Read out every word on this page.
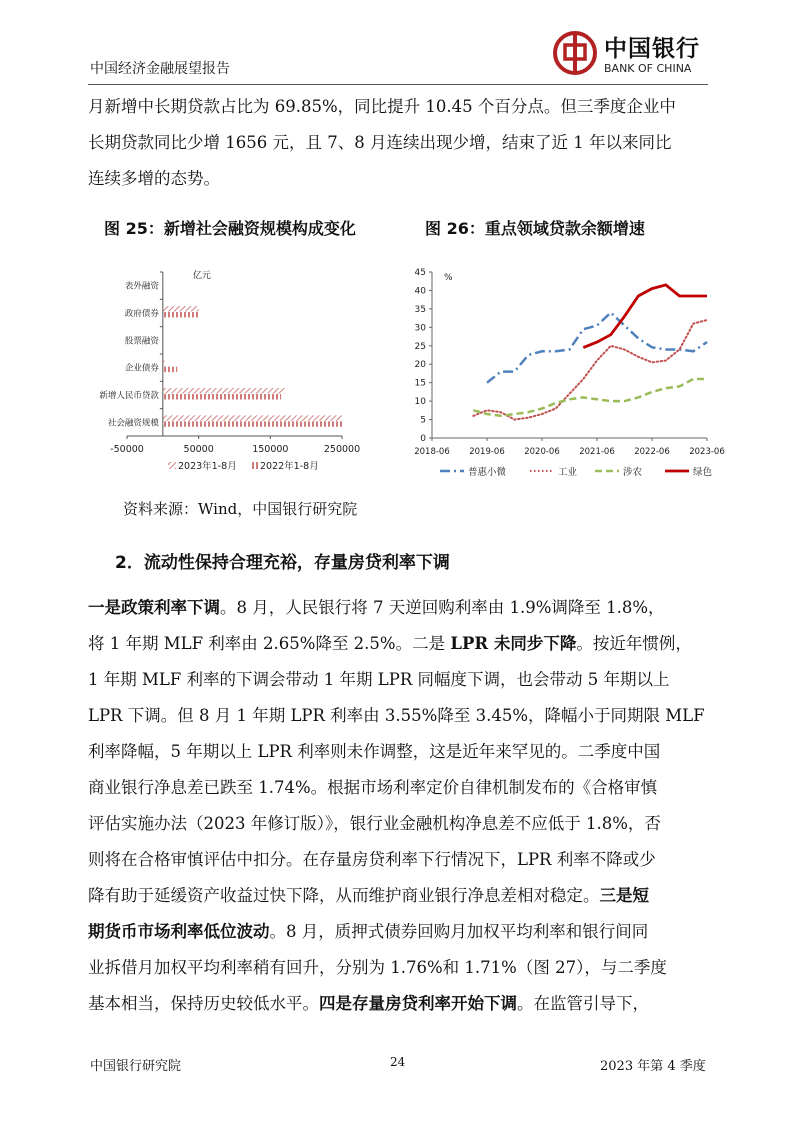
中国经济金融展望报告
中国银行
BANK OF CHINA

月新增中长期贷款占比为 69.85%，同比提升 10.45 个百分点。但三季度企业中

长期贷款同比少增 1656 元，且 7、8 月连续出现少增，结束了近 1 年以来同比

连续多增的态势。

图 25：新增社会融资规模构成变化	图 26：重点领域贷款余额增速
亿元
表外融资
政府债券
股票融资
企业债券
新增人民币贷款
社会融资规模
-50000	50000	150000	250000
2023年1-8月 2022年1-8月
%
0
5
10
15
20
25
30
35
40
45
2018-06 2019-06 2020-06 2021-06 2022-06 2023-06
普惠小微	工业	涉农	绿色
资料来源：Wind，中国银行研究院
2．流动性保持合理充裕，存量房贷利率下调

一是政策利率下调。8 月，人民银行将 7 天逆回购利率由 1.9%调降至 1.8%，

将 1 年期 MLF 利率由 2.65%降至 2.5%。二是 LPR 未同步下降。按近年惯例，

1 年期 MLF 利率的下调会带动 1 年期 LPR 同幅度下调，也会带动 5 年期以上

LPR 下调。但 8 月 1 年期 LPR 利率由 3.55%降至 3.45%，降幅小于同期限 MLF

利率降幅，5 年期以上 LPR 利率则未作调整，这是近年来罕见的。二季度中国

商业银行净息差已跌至 1.74%。根据市场利率定价自律机制发布的《合格审慎

评估实施办法（2023 年修订版）》，银行业金融机构净息差不应低于 1.8%，否

则将在合格审慎评估中扣分。在存量房贷利率下行情况下，LPR 利率不降或少

降有助于延缓资产收益过快下降，从而维护商业银行净息差相对稳定。三是短

期货币市场利率低位波动。8 月，质押式债券回购月加权平均利率和银行间同

业拆借月加权平均利率稍有回升，分别为 1.76%和 1.71%（图 27），与二季度

基本相当，保持历史较低水平。四是存量房贷利率开始下调。在监管引导下，

中国银行研究院	24	2023 年第 4 季度
